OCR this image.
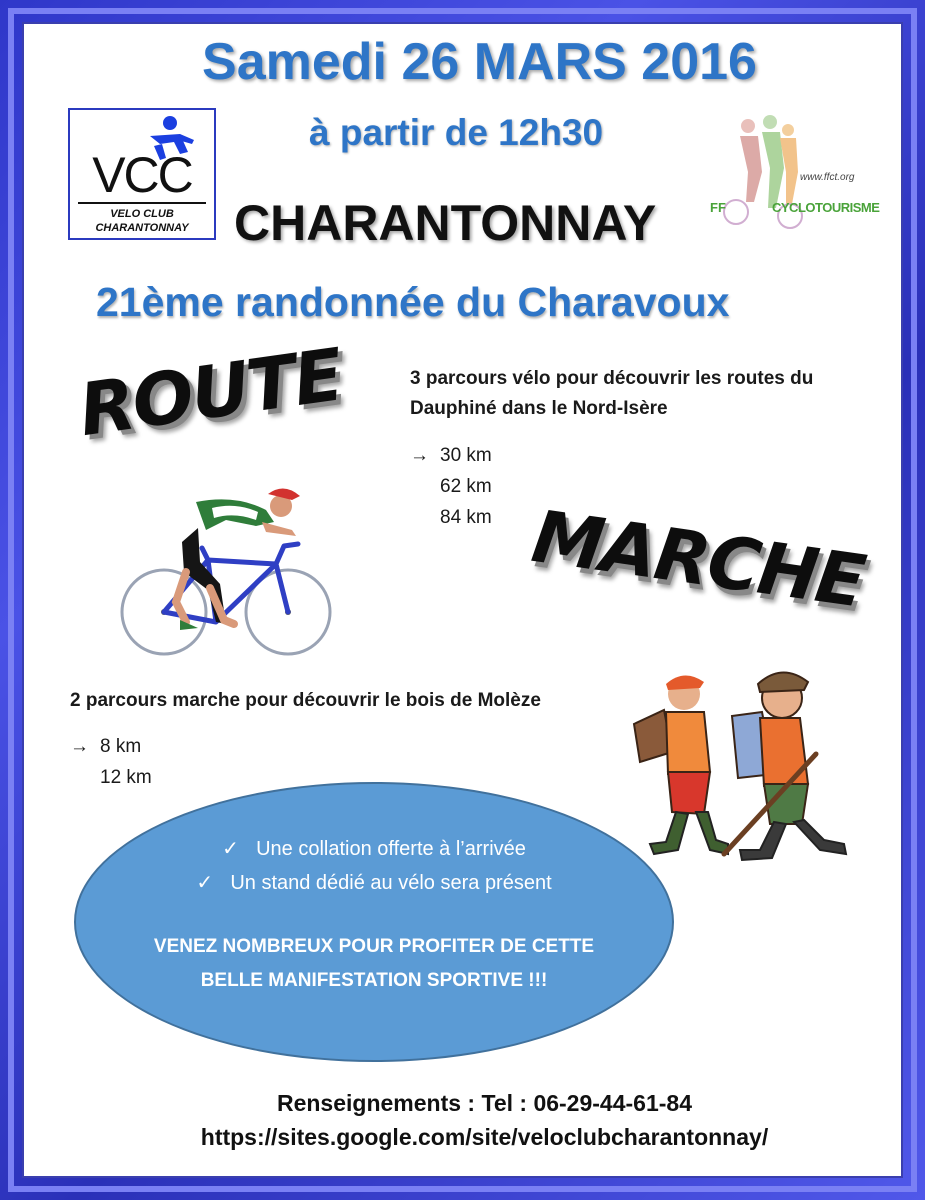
Samedi 26 MARS 2016
à partir de 12h30
CHARANTONNAY
21ème randonnée du Charavoux
VCC
VELO CLUB
CHARANTONNAY
www.ffct.org
FF	CYCLOTOURISME
ROUTE	3 parcours vélo pour découvrir les routes du Dauphiné dans le Nord-Isère
→ 30 km
62 km
84 km MARCHE
2 parcours marche pour découvrir le bois de Molèze
→ 8 km
12 km
✓ Une collation offerte à l’arrivée
✓ Un stand dédié au vélo sera présent
VENEZ NOMBREUX POUR PROFITER DE CETTE
BELLE MANIFESTATION SPORTIVE !!!
Renseignements : Tel : 06-29-44-61-84
https://sites.google.com/site/veloclubcharantonnay/
